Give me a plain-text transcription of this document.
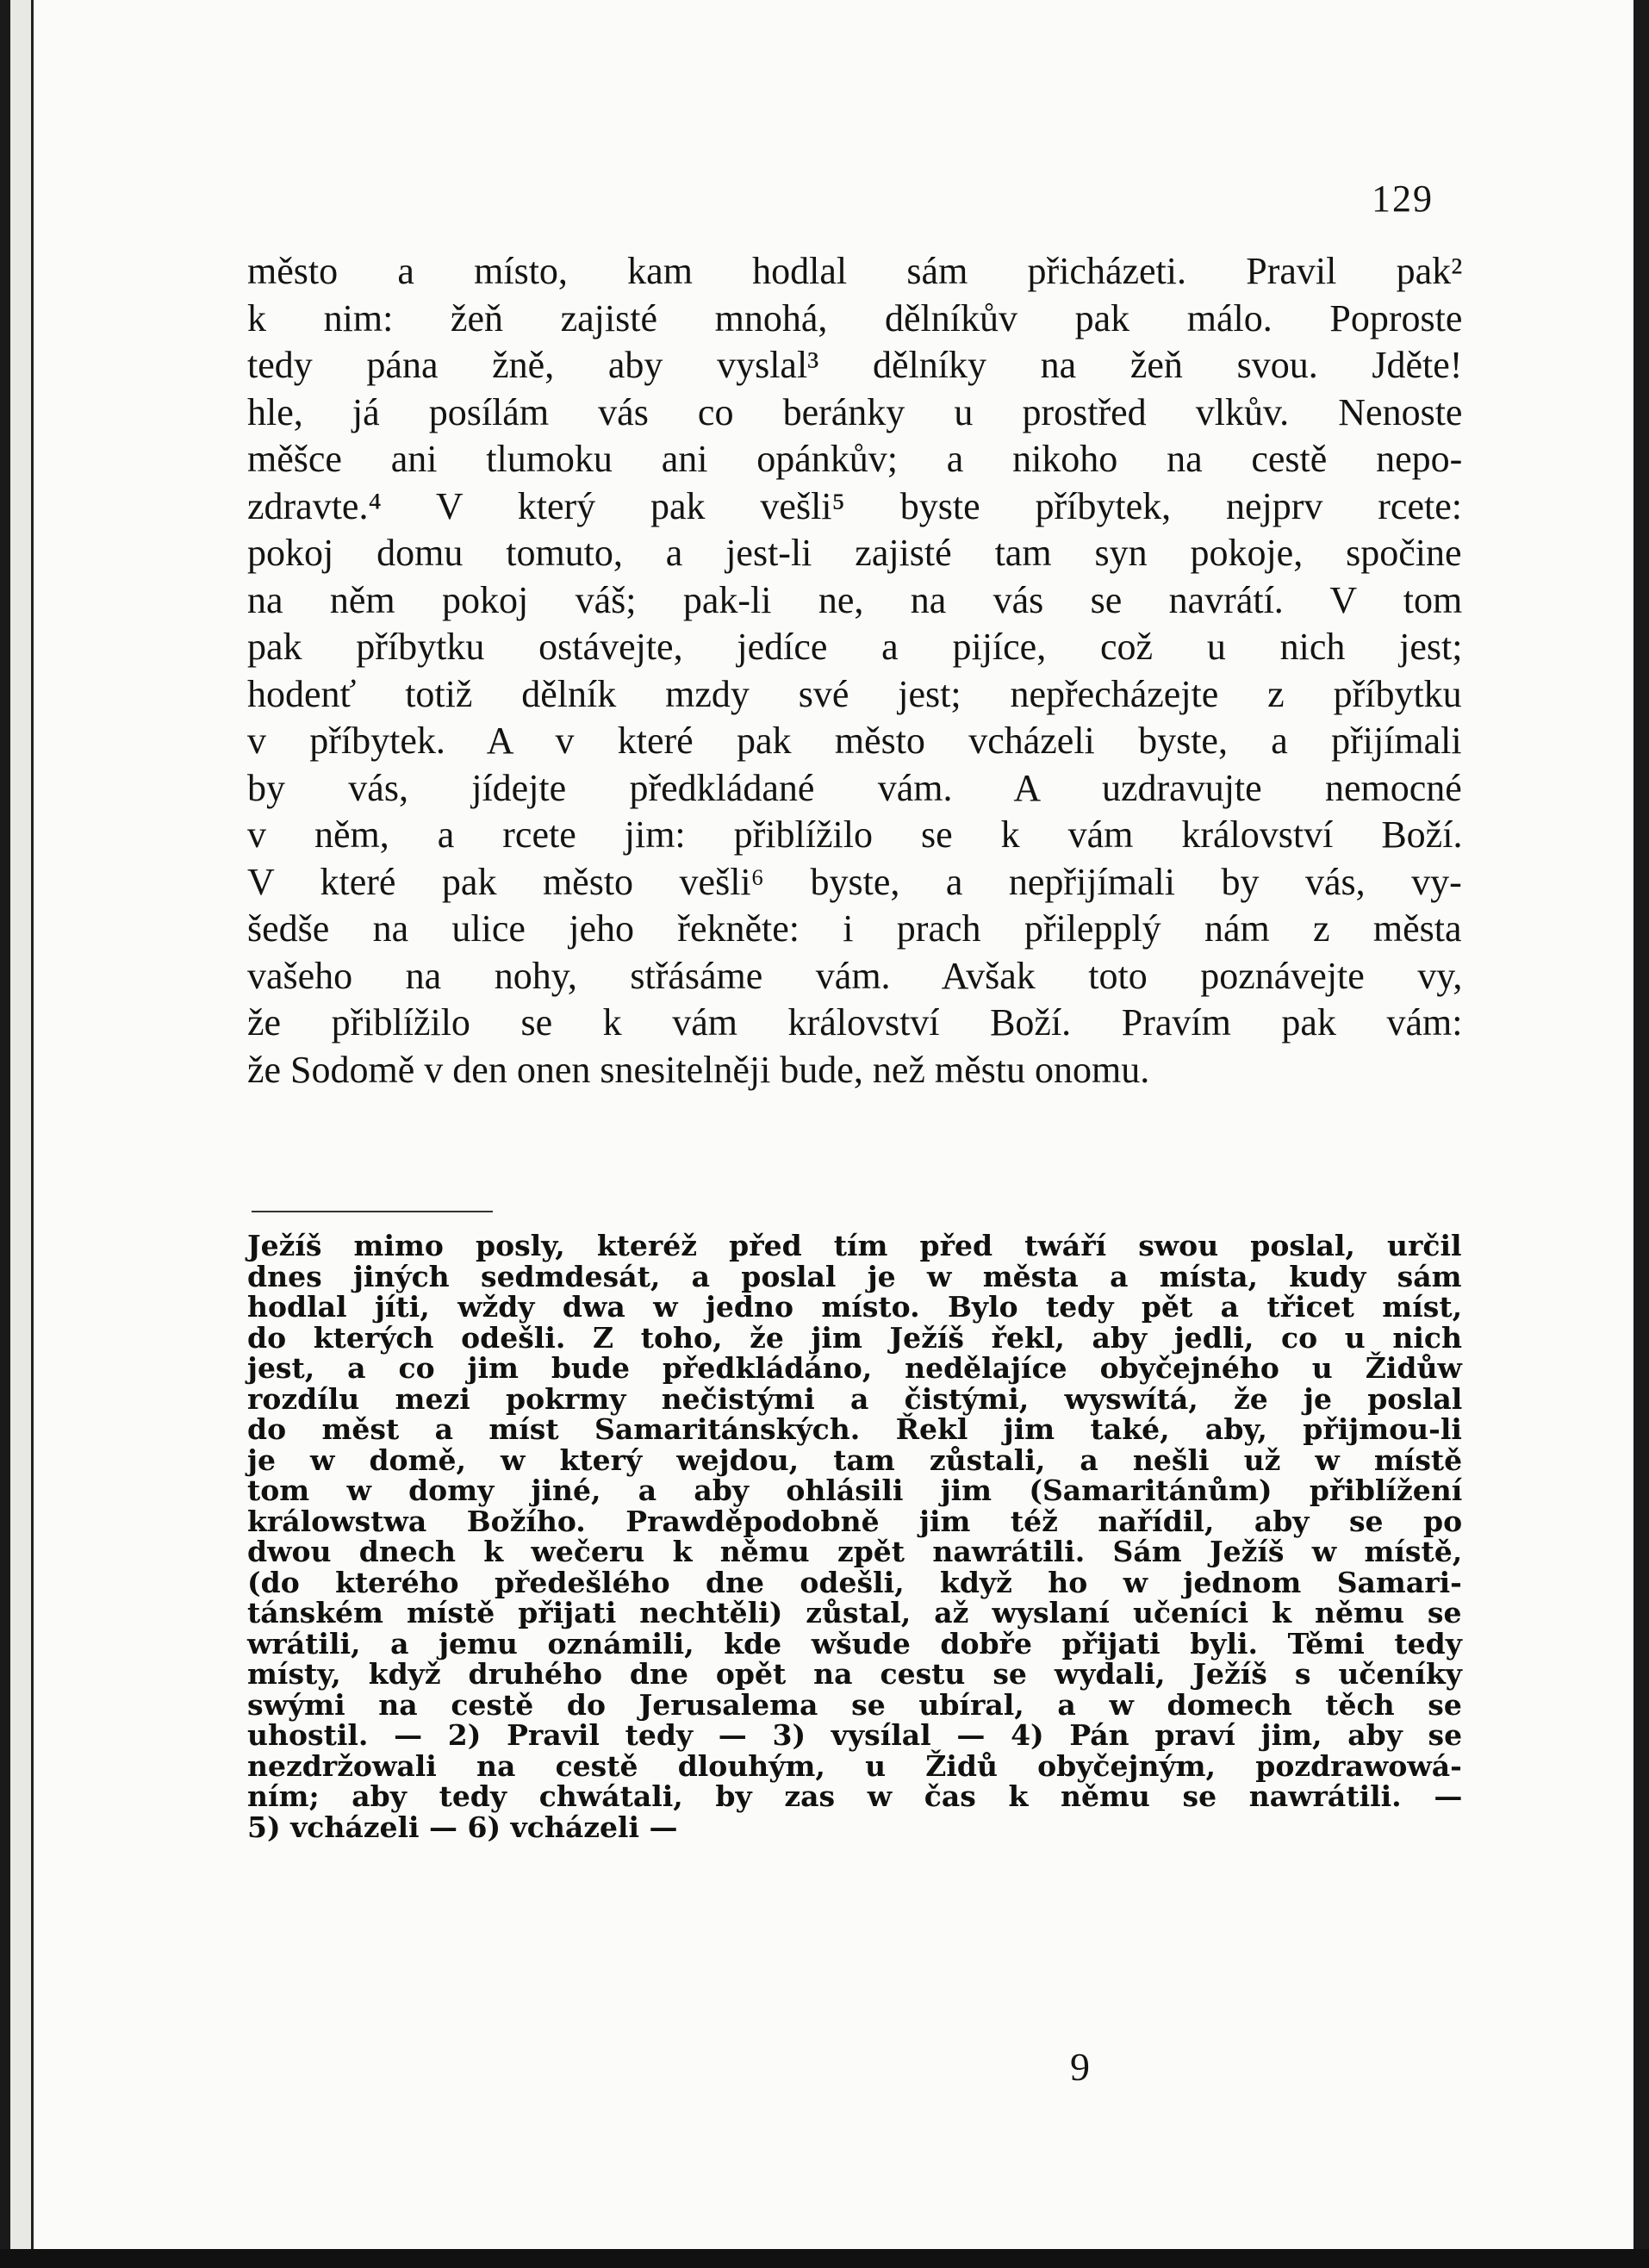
129
město a místo, kam hodlal sám přicházeti. Pravil pak²
k nim: žeň zajisté mnohá, dělníkův pak málo. Poproste
tedy pána žně, aby vyslal³ dělníky na žeň svou. Jděte!
hle, já posílám vás co beránky u prostřed vlkův. Nenoste
měšce ani tlumoku ani opánkův; a nikoho na cestě nepo-
zdravte.⁴ V který pak vešli⁵ byste příbytek, nejprv rcete:
pokoj domu tomuto, a jest-li zajisté tam syn pokoje, spočine
na něm pokoj váš; pak-li ne, na vás se navrátí. V tom
pak příbytku ostávejte, jedíce a pijíce, což u nich jest;
hodenť totiž dělník mzdy své jest; nepřecházejte z příbytku
v příbytek. A v které pak město vcházeli byste, a přijímali
by vás, jídejte předkládané vám. A uzdravujte nemocné
v něm, a rcete jim: přiblížilo se k vám království Boží.
V které pak město vešli⁶ byste, a nepřijímali by vás, vy-
šedše na ulice jeho řekněte: i prach přilepplý nám z města
vašeho na nohy, střásáme vám. Avšak toto poznávejte vy,
že přiblížilo se k vám království Boží. Pravím pak vám:
že Sodomě v den onen snesitelněji bude, než městu onomu.
Ježíš mimo posly, kteréž před tím před twáří swou poslal, určil
dnes jiných sedmdesát, a poslal je w města a místa, kudy sám
hodlal jíti, wždy dwa w jedno místo. Bylo tedy pět a třicet míst,
do kterých odešli. Z toho, že jim Ježíš řekl, aby jedli, co u nich
jest, a co jim bude předkládáno, nedělajíce obyčejného u Židůw
rozdílu mezi pokrmy nečistými a čistými, wyswítá, že je poslal
do měst a míst Samaritánských. Řekl jim také, aby, přijmou-li
je w domě, w který wejdou, tam zůstali, a nešli už w místě
tom w domy jiné, a aby ohlásili jim (Samaritánům) přiblížení
králowstwa Božího. Prawděpodobně jim též nařídil, aby se po
dwou dnech k wečeru k němu zpět nawrátili. Sám Ježíš w místě,
(do kterého předešlého dne odešli, když ho w jednom Samari-
tánském místě přijati nechtěli) zůstal, až wyslaní učeníci k němu se
wrátili, a jemu oznámili, kde wšude dobře přijati byli. Těmi tedy
místy, když druhého dne opět na cestu se wydali, Ježíš s učeníky
swými na cestě do Jerusalema se ubíral, a w domech těch se
uhostil. — 2) Pravil tedy — 3) vysílal — 4) Pán praví jim, aby se
nezdržowali na cestě dlouhým, u Židů obyčejným, pozdrawowá-
ním; aby tedy chwátali, by zas w čas k němu se nawrátili. —
5) vcházeli — 6) vcházeli —
9
